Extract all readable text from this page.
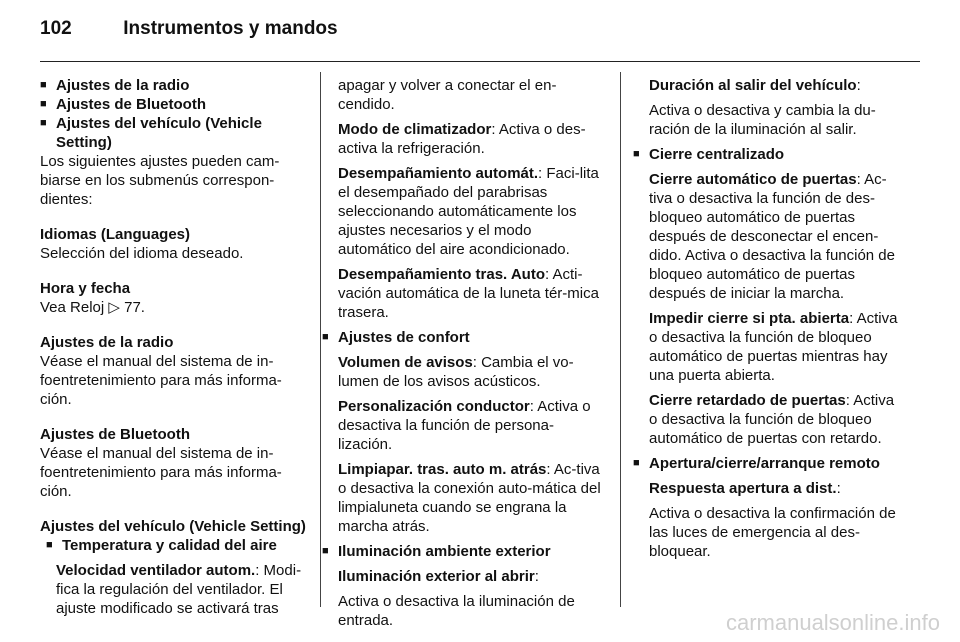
102	Instrumentos y mandos
■ Ajustes de la radio
■ Ajustes de Bluetooth
■ Ajustes del vehículo (Vehicle Setting)
Los siguientes ajustes pueden cam-biarse en los submenús correspon-dientes:
Idiomas (Languages)
Selección del idioma deseado.
Hora y fecha
Vea Reloj ▷ 77.
Ajustes de la radio
Véase el manual del sistema de in-foentretenimiento para más informa-ción.
Ajustes de Bluetooth
Véase el manual del sistema de in-foentretenimiento para más informa-ción.
Ajustes del vehículo (Vehicle Setting)
■ Temperatura y calidad del aire
Velocidad ventilador autom.: Modi-fica la regulación del ventilador. El ajuste modificado se activará tras
apagar y volver a conectar el en-cendido.
Modo de climatizador: Activa o des-activa la refrigeración.
Desempañamiento automát.: Faci-lita el desempañado del parabrisas seleccionando automáticamente los ajustes necesarios y el modo automático del aire acondicionado.
Desempañamiento tras. Auto: Acti-vación automática de la luneta tér-mica trasera.
■ Ajustes de confort
Volumen de avisos: Cambia el vo-lumen de los avisos acústicos.
Personalización conductor: Activa o desactiva la función de persona-lización.
Limpiapar. tras. auto m. atrás: Ac-tiva o desactiva la conexión auto-mática del limpialuneta cuando se engrana la marcha atrás.
■ Iluminación ambiente exterior
Iluminación exterior al abrir:
Activa o desactiva la iluminación de entrada.
Duración al salir del vehículo:
Activa o desactiva y cambia la du-ración de la iluminación al salir.
■ Cierre centralizado
Cierre automático de puertas: Ac-tiva o desactiva la función de des-bloqueo automático de puertas después de desconectar el encen-dido. Activa o desactiva la función de bloqueo automático de puertas después de iniciar la marcha.
Impedir cierre si pta. abierta: Activa o desactiva la función de bloqueo automático de puertas mientras hay una puerta abierta.
Cierre retardado de puertas: Activa o desactiva la función de bloqueo automático de puertas con retardo.
■ Apertura/cierre/arranque remoto
Respuesta apertura a dist.:
Activa o desactiva la confirmación de las luces de emergencia al des-bloquear.
carmanualsonline.info
